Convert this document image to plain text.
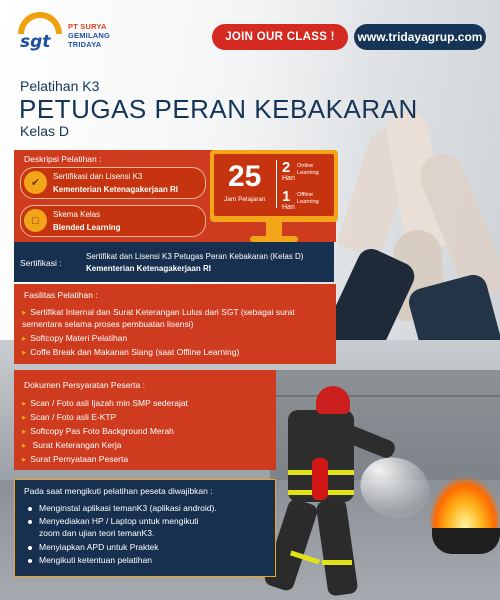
sgt
PT SURYA
GEMILANG
TRIDAYA
JOIN OUR CLASS !	www.tridayagrup.com
Pelatihan K3
PETUGAS PERAN KEBAKARAN
Kelas D
Deskripsi Pelatihan :
✔
Sertifikasi dan Lisensi K3
Kementerian Ketenagakerjaan RI
□	Skema Kelas
Blended Learning
25
Jam Pelajaran
2
Hari
Online
Learning
1
Hari
Offline
Learning
Sertifikasi :
Sertifikat dan Lisensi K3 Petugas Peran Kebakaran (Kelas D)
Kementerian Ketenagakerjaan RI
Fasilitas Pelatihan :
▸ Sertifikat Internal dan Surat Keterangan Lulus dari SGT (sebagai surat
sementara selama proses pembuatan lisensi)
▸ Softcopy Materi Pelatihan
▸ Coffe Break dan Makanan Siang (saat Offline Learning)
Dokumen Persyaratan Peserta :
▸ Scan / Foto asli Ijazah min SMP sederajat
▸ Scan / Foto asli E-KTP
▸ Softcopy Pas Foto Background Merah
▸ Surat Keterangan Kerja
▸ Surat Pernyataan Peserta
Pada saat mengikuti pelatihan peseta diwajibkan :
Menginstal aplikasi temanK3 (aplikasi android).
Menyediakan HP / Laptop untuk mengikuti
zoom dan ujian teori temanK3.
Menyiapkan APD untuk Praktek
Mengikuti ketentuan pelatihan
